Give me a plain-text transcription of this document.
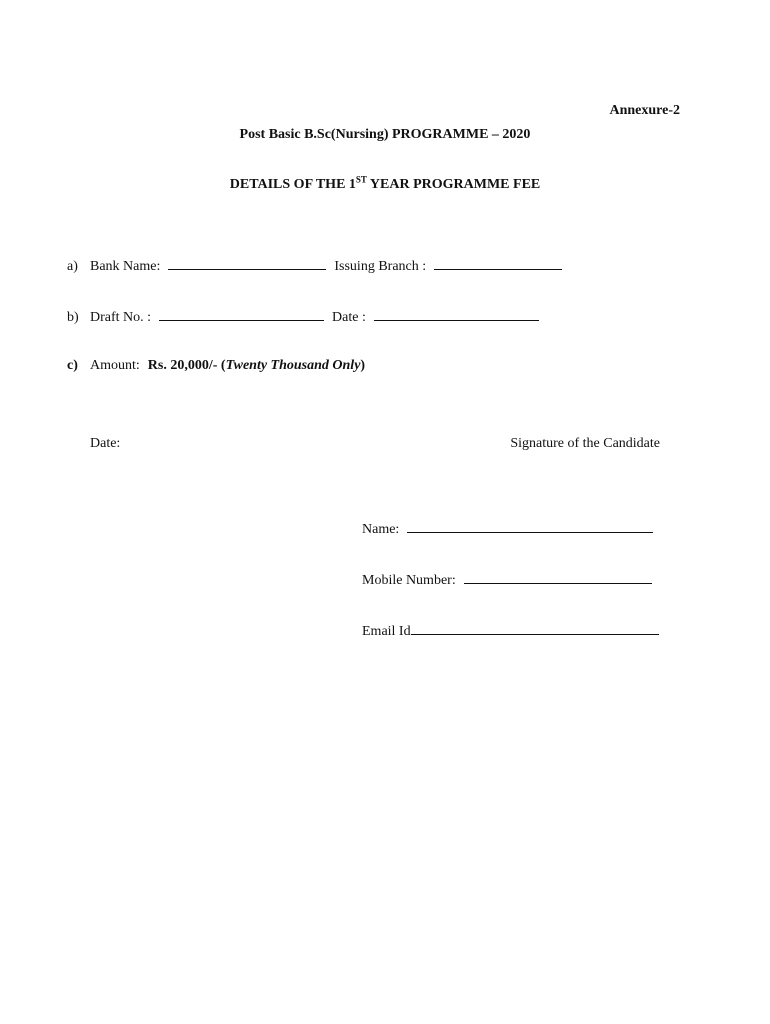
Annexure-2
Post Basic B.Sc(Nursing) PROGRAMME – 2020
DETAILS OF THE 1ST YEAR PROGRAMME FEE
a) Bank Name:	Issuing Branch :
b) Draft No. :	Date :
c) Amount: Rs. 20,000/- (Twenty Thousand Only)
Date:	Signature of the Candidate
Name:
Mobile Number:
Email Id
